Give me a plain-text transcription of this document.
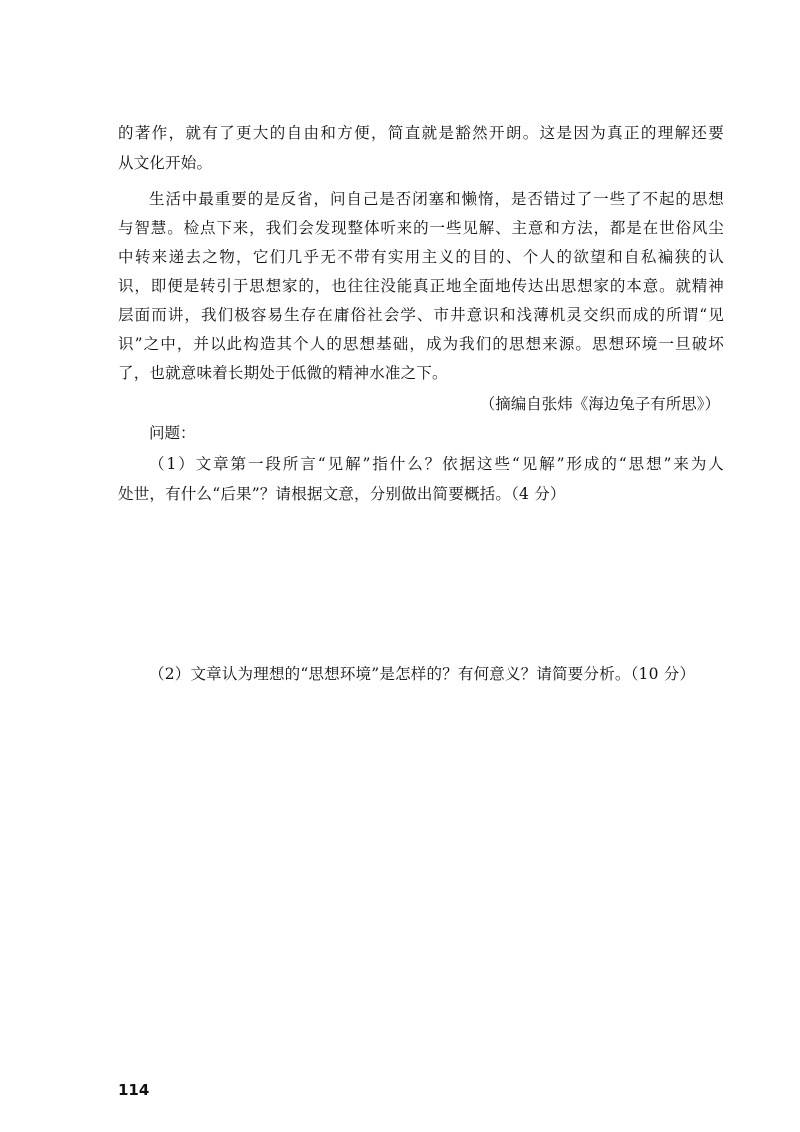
的著作，就有了更大的自由和方便，简直就是豁然开朗。这是因为真正的理解还要
从文化开始。
生活中最重要的是反省，问自己是否闭塞和懒惰，是否错过了一些了不起的思想
与智慧。检点下来，我们会发现整体听来的一些见解、主意和方法，都是在世俗风尘
中转来递去之物，它们几乎无不带有实用主义的目的、个人的欲望和自私褊狭的认
识，即便是转引于思想家的，也往往没能真正地全面地传达出思想家的本意。就精神
层面而讲，我们极容易生存在庸俗社会学、市井意识和浅薄机灵交织而成的所谓“见
识”之中，并以此构造其个人的思想基础，成为我们的思想来源。思想环境一旦破坏
了，也就意味着长期处于低微的精神水准之下。
（摘编自张炜《海边兔子有所思》）
问题：
（1）文章第一段所言“见解”指什么？依据这些“见解”形成的“思想”来为人
处世，有什么“后果”？请根据文意，分别做出简要概括。（4 分）
（2）文章认为理想的“思想环境”是怎样的？有何意义？请简要分析。（10 分）
114
